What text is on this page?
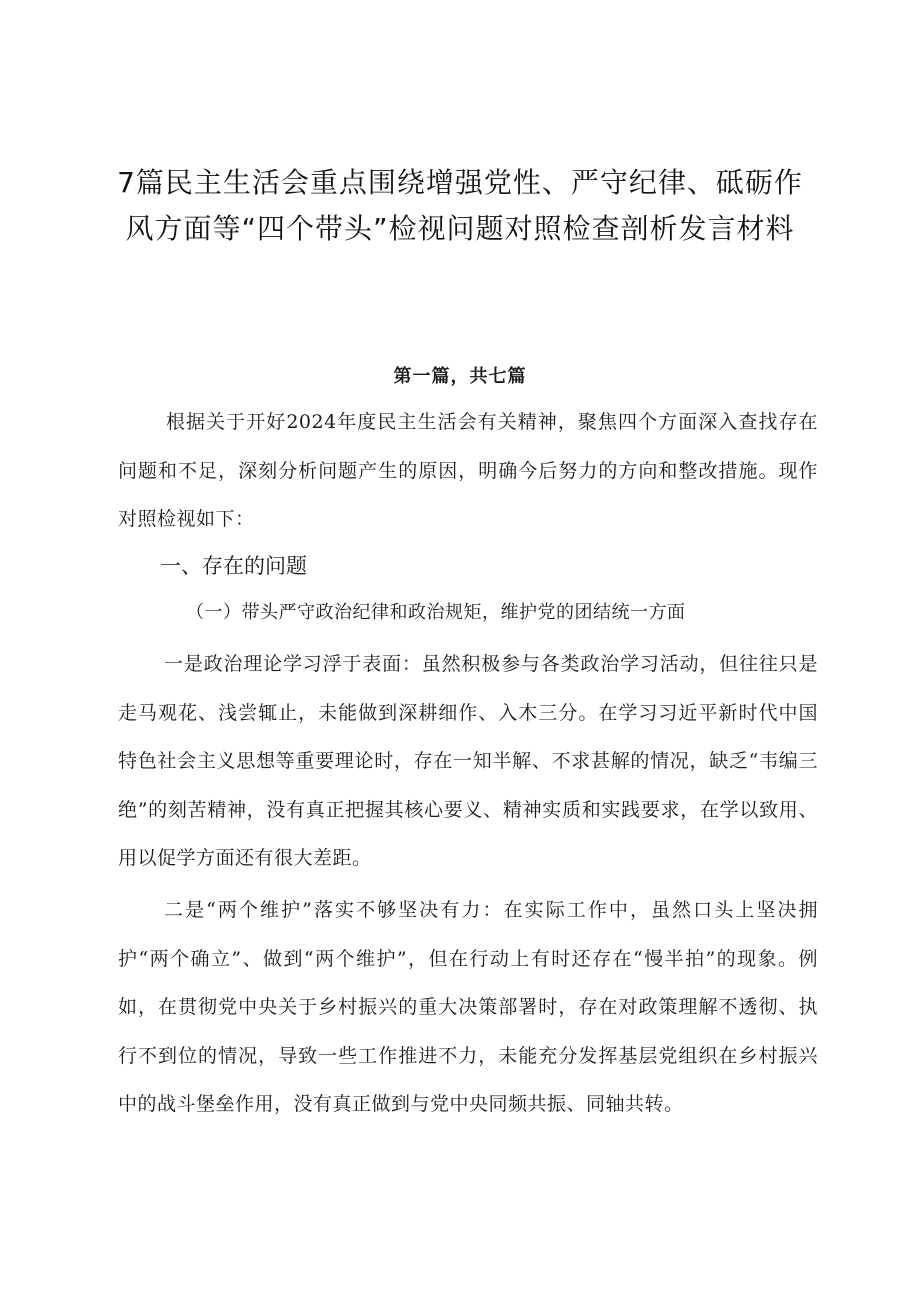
7篇民主生活会重点围绕增强党性、严守纪律、砥砺作风方面等“四个带头”检视问题对照检查剖析发言材料

第一篇，共七篇

根据关于开好2024年度民主生活会有关精神，聚焦四个方面深入查找存在问题和不足，深刻分析问题产生的原因，明确今后努力的方向和整改措施。现作对照检视如下：

一、存在的问题

（一）带头严守政治纪律和政治规矩，维护党的团结统一方面

一是政治理论学习浮于表面：虽然积极参与各类政治学习活动，但往往只是走马观花、浅尝辄止，未能做到深耕细作、入木三分。在学习习近平新时代中国特色社会主义思想等重要理论时，存在一知半解、不求甚解的情况，缺乏“韦编三绝”的刻苦精神，没有真正把握其核心要义、精神实质和实践要求，在学以致用、用以促学方面还有很大差距。

二是“两个维护”落实不够坚决有力：在实际工作中，虽然口头上坚决拥护“两个确立”、做到“两个维护”，但在行动上有时还存在“慢半拍”的现象。例如，在贯彻党中央关于乡村振兴的重大决策部署时，存在对政策理解不透彻、执行不到位的情况，导致一些工作推进不力，未能充分发挥基层党组织在乡村振兴中的战斗堡垒作用，没有真正做到与党中央同频共振、同轴共转。
